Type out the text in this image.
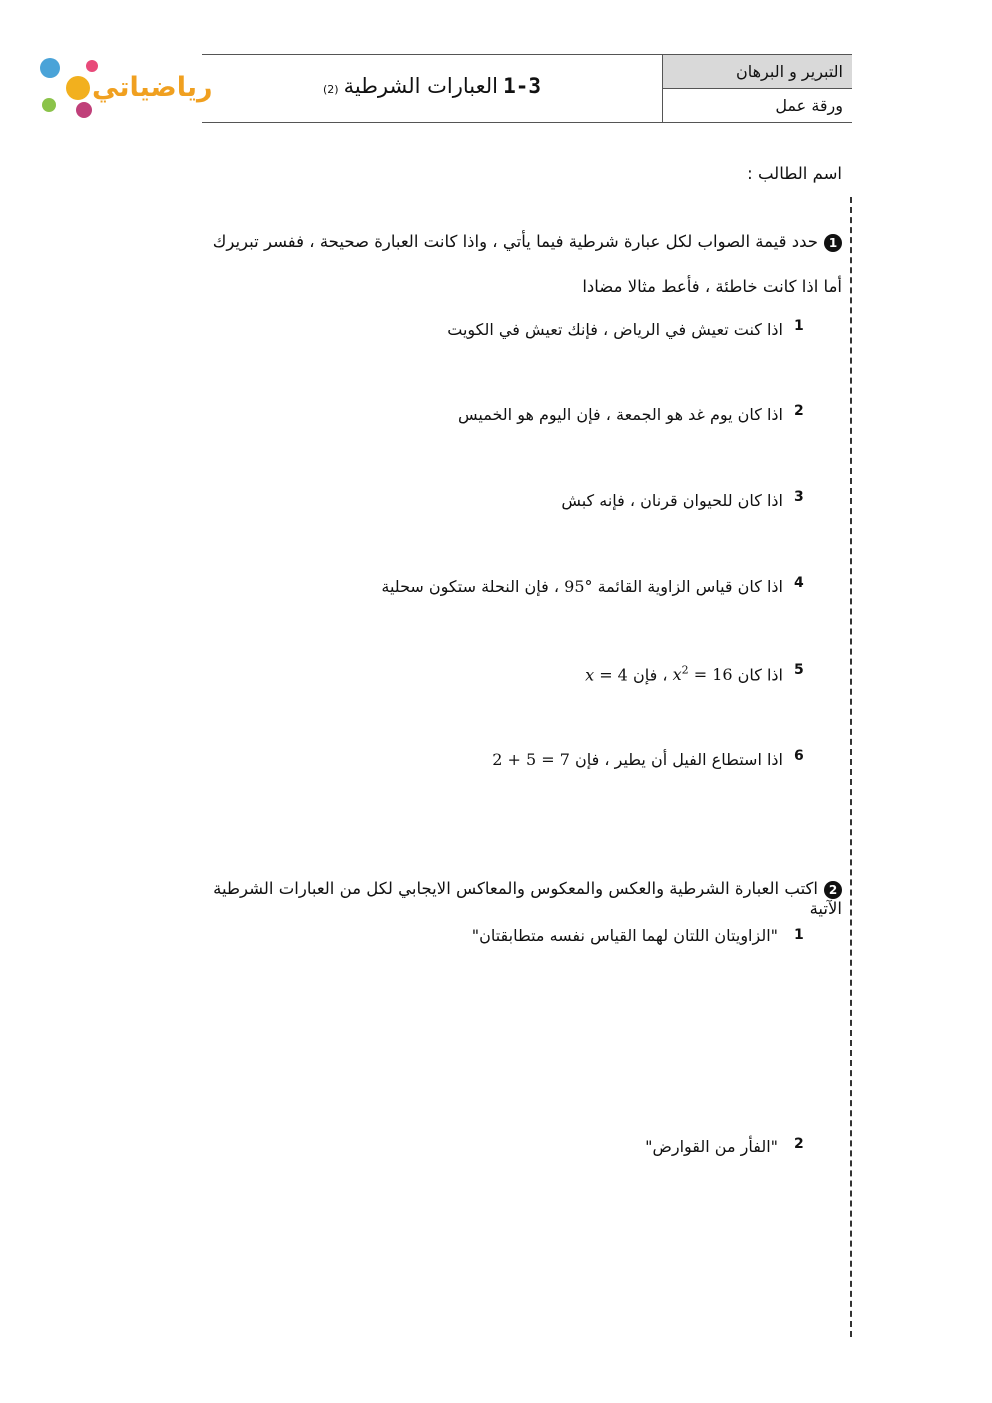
رياضياتي
التبرير و البرهان
ورقة عمل
1-3 العبارات الشرطية (2)
اسم الطالب :
1حدد قيمة الصواب لكل عبارة شرطية فيما يأتي ، واذا كانت العبارة صحيحة ، ففسر تبريرك
أما اذا كانت خاطئة ، فأعط مثالا مضادا
1
اذا كنت تعيش في الرياض ، فإنك تعيش في الكويت
2
اذا كان يوم غد هو الجمعة ، فإن اليوم هو الخميس
3
اذا كان للحيوان قرنان ، فإنه كبش
4
اذا كان قياس الزاوية القائمة 95° ، فإن النحلة ستكون سحلية
5
اذا كان $x^2 = 16$ ، فإن x = 4
6
اذا استطاع الفيل أن يطير ، فإن 2 + 5 = 7
2اكتب العبارة الشرطية والعكس والمعكوس والمعاكس الايجابي لكل من العبارات الشرطية الآتية
1
"الزاويتان اللتان لهما القياس نفسه متطابقتان"
2
"الفأر من القوارض"
